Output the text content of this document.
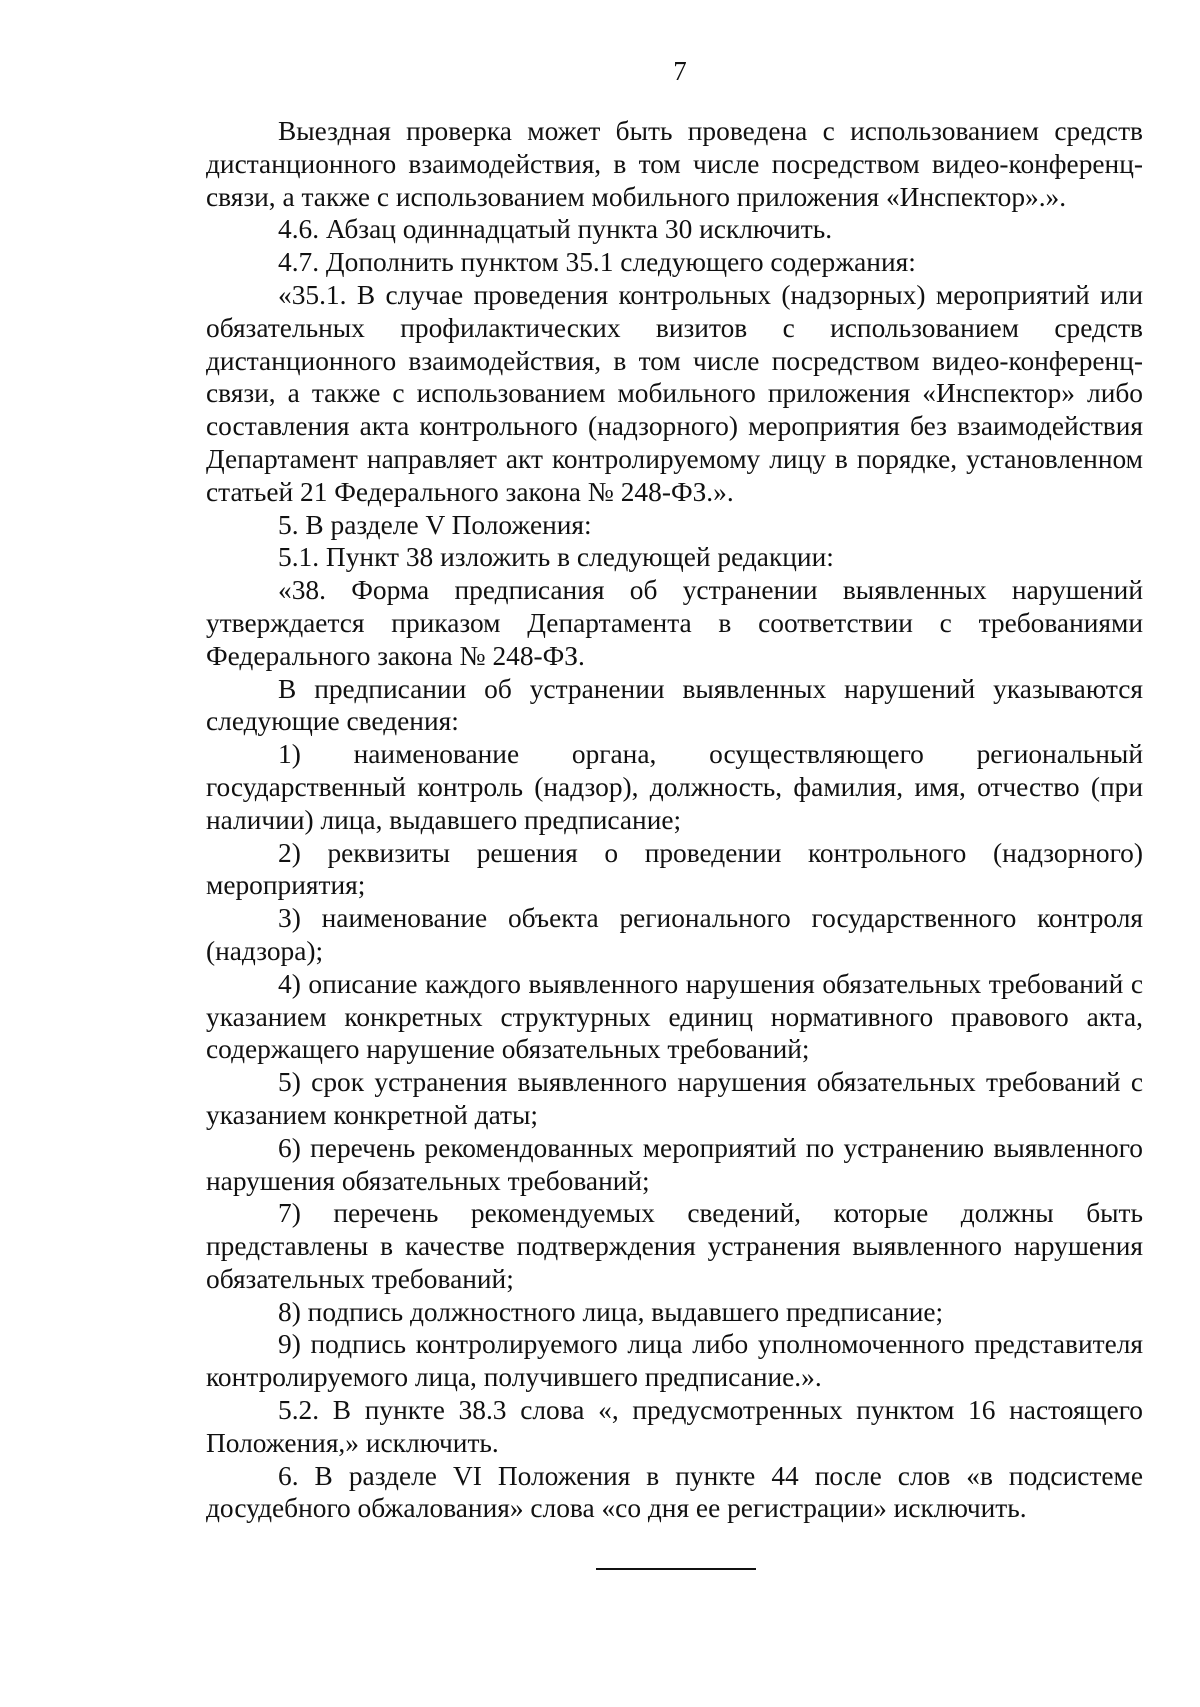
7

Выездная проверка может быть проведена с использованием средств дистанционного взаимодействия, в том числе посредством видео-конференц-связи, а также с использованием мобильного приложения «Инспектор».».

4.6. Абзац одиннадцатый пункта 30 исключить.

4.7. Дополнить пунктом 35.1 следующего содержания:

«35.1. В случае проведения контрольных (надзорных) мероприятий или обязательных профилактических визитов с использованием средств дистанционного взаимодействия, в том числе посредством видео-конференц-связи, а также с использованием мобильного приложения «Инспектор» либо составления акта контрольного (надзорного) мероприятия без взаимодействия Департамент направляет акт контролируемому лицу в порядке, установленном статьей 21 Федерального закона № 248-ФЗ.».

5. В разделе V Положения:

5.1. Пункт 38 изложить в следующей редакции:

«38. Форма предписания об устранении выявленных нарушений утверждается приказом Департамента в соответствии с требованиями Федерального закона № 248-ФЗ.

В предписании об устранении выявленных нарушений указываются следующие сведения:

1) наименование органа, осуществляющего региональный государственный контроль (надзор), должность, фамилия, имя, отчество (при наличии) лица, выдавшего предписание;

2) реквизиты решения о проведении контрольного (надзорного) мероприятия;

3) наименование объекта регионального государственного контроля (надзора);

4) описание каждого выявленного нарушения обязательных требований с указанием конкретных структурных единиц нормативного правового акта, содержащего нарушение обязательных требований;

5) срок устранения выявленного нарушения обязательных требований с указанием конкретной даты;

6) перечень рекомендованных мероприятий по устранению выявленного нарушения обязательных требований;

7) перечень рекомендуемых сведений, которые должны быть представлены в качестве подтверждения устранения выявленного нарушения обязательных требований;

8) подпись должностного лица, выдавшего предписание;

9) подпись контролируемого лица либо уполномоченного представителя контролируемого лица, получившего предписание.».

5.2. В пункте 38.3 слова «, предусмотренных пунктом 16 настоящего Положения,» исключить.

6. В разделе VI Положения в пункте 44 после слов «в подсистеме досудебного обжалования» слова «со дня ее регистрации» исключить.
